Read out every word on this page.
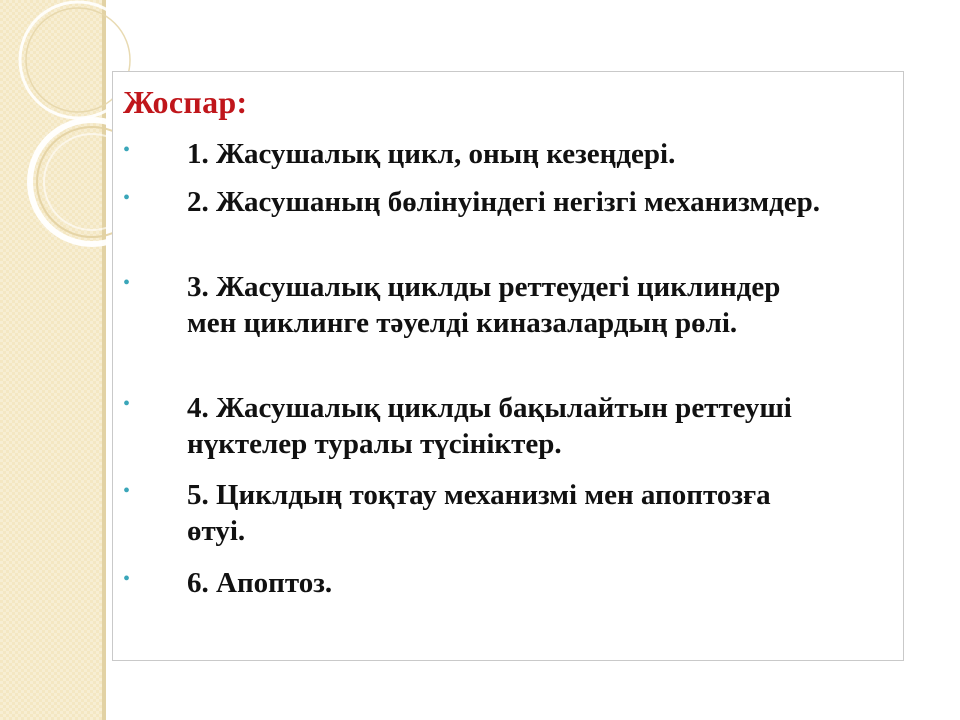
Жоспар:
• 1. Жасушалық цикл, оның кезеңдері.
• 2. Жасушаның бөлінуіндегі негізгі механизмдер.
• 3. Жасушалық циклды реттеудегі циклиндер мен циклинге тәуелді киназалардың рөлі.
• 4. Жасушалық циклды бақылайтын реттеуші нүктелер туралы түсініктер.
• 5. Циклдың тоқтау механизмі мен апоптозға өтуі.
• 6. Апоптоз.
